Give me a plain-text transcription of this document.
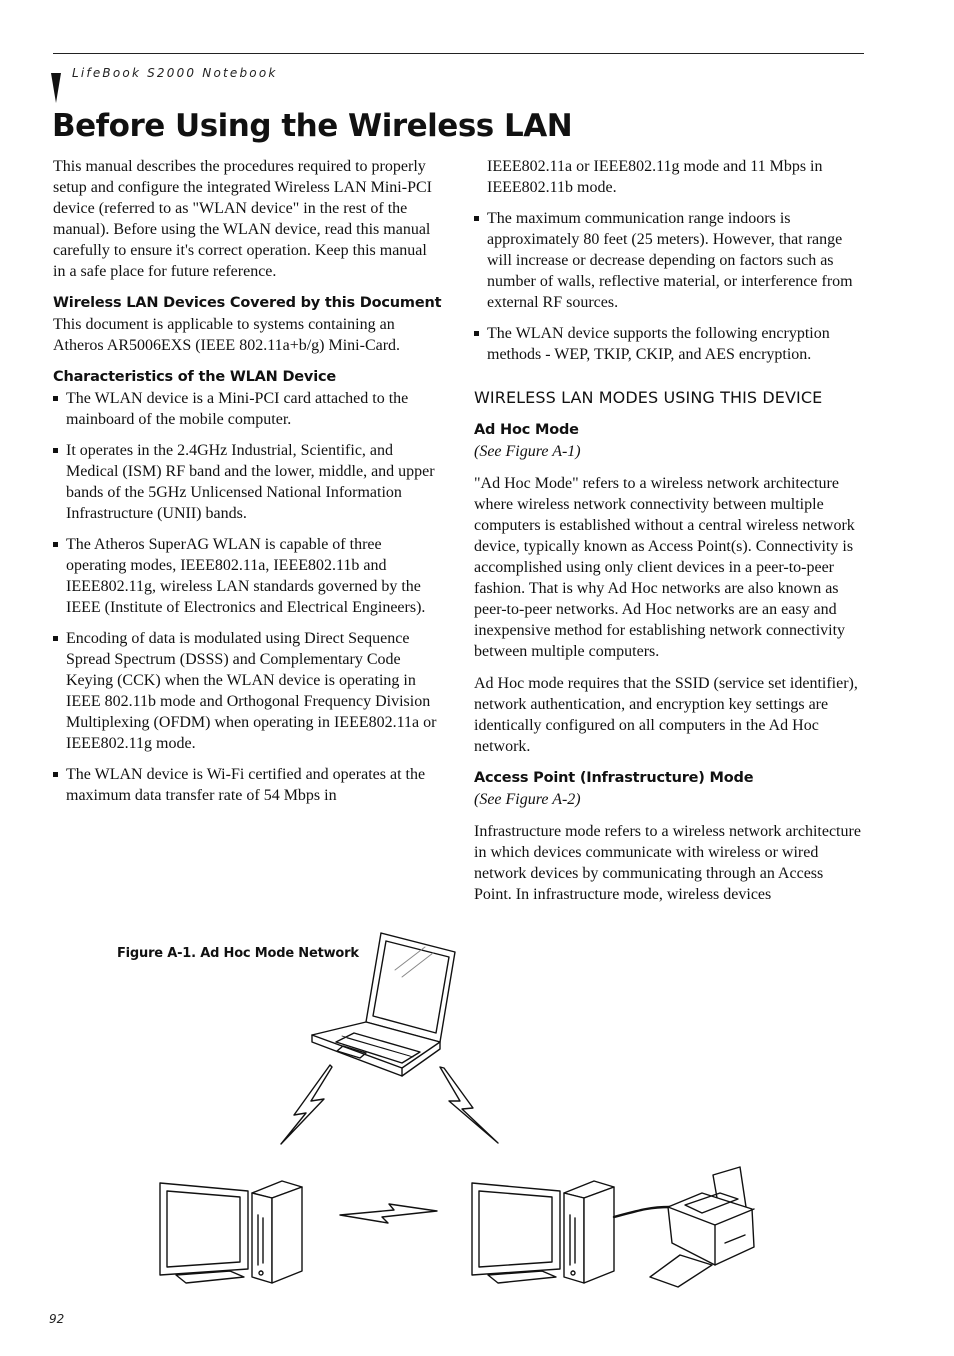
LifeBook S2000 Notebook
Before Using the Wireless LAN

This manual describes the procedures required to properly setup and configure the integrated Wireless LAN Mini-PCI device (referred to as "WLAN device" in the rest of the manual). Before using the WLAN device, read this manual carefully to ensure it's correct operation. Keep this manual in a safe place for future reference.

Wireless LAN Devices Covered by this Document

This document is applicable to systems containing an Atheros AR5006EXS (IEEE 802.11a+b/g) Mini-Card.

Characteristics of the WLAN Device
The WLAN device is a Mini-PCI card attached to the mainboard of the mobile computer.
It operates in the 2.4GHz Industrial, Scientific, and Medical (ISM) RF band and the lower, middle, and upper bands of the 5GHz Unlicensed National Information Infrastructure (UNII) bands.
The Atheros SuperAG WLAN is capable of three operating modes, IEEE802.11a, IEEE802.11b and IEEE802.11g, wireless LAN standards governed by the IEEE (Institute of Electronics and Electrical Engineers).
Encoding of data is modulated using Direct Sequence Spread Spectrum (DSSS) and Complementary Code Keying (CCK) when the WLAN device is operating in IEEE 802.11b mode and Orthogonal Frequency Division Multiplexing (OFDM) when operating in IEEE802.11a or IEEE802.11g mode.
The WLAN device is Wi-Fi certified and operates at the maximum data transfer rate of 54 Mbps in
IEEE802.11a or IEEE802.11g mode and 11 Mbps in IEEE802.11b mode.
The maximum communication range indoors is approximately 80 feet (25 meters). However, that range will increase or decrease depending on factors such as number of walls, reflective material, or interference from external RF sources.
The WLAN device supports the following encryption methods - WEP, TKIP, CKIP, and AES encryption.
WIRELESS LAN MODES USING THIS DEVICE
Ad Hoc Mode

(See Figure A-1)

"Ad Hoc Mode" refers to a wireless network architecture where wireless network connectivity between multiple computers is established without a central wireless network device, typically known as Access Point(s). Connectivity is accomplished using only client devices in a peer-to-peer fashion. That is why Ad Hoc networks are also known as peer-to-peer networks. Ad Hoc networks are an easy and inexpensive method for establishing network connectivity between multiple computers.

Ad Hoc mode requires that the SSID (service set identifier), network authentication, and encryption key settings are identically configured on all computers in the Ad Hoc network.

Access Point (Infrastructure) Mode

(See Figure A-2)

Infrastructure mode refers to a wireless network architecture in which devices communicate with wireless or wired network devices by communicating through an Access Point. In infrastructure mode, wireless devices

Figure A-1. Ad Hoc Mode Network
92
